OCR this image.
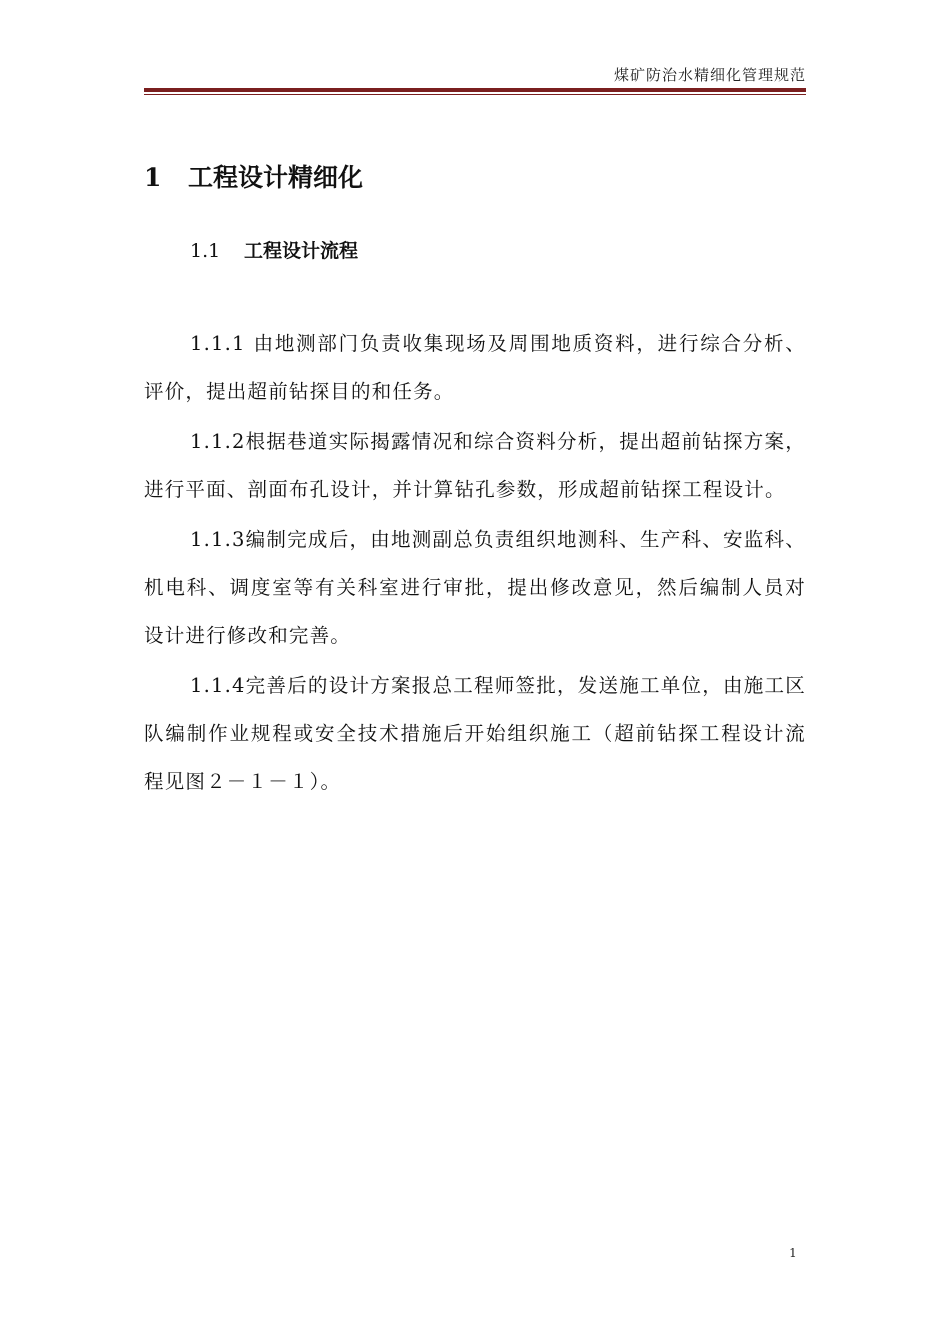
煤矿防治水精细化管理规范
1 工程设计精细化
1.1 工程设计流程

1.1.1 由地测部门负责收集现场及周围地质资料，进行综合分析、评价，提出超前钻探目的和任务。

1.1.2根据巷道实际揭露情况和综合资料分析，提出超前钻探方案，进行平面、剖面布孔设计，并计算钻孔参数，形成超前钻探工程设计。

1.1.3编制完成后，由地测副总负责组织地测科、生产科、安监科、机电科、调度室等有关科室进行审批，提出修改意见，然后编制人员对设计进行修改和完善。

1.1.4完善后的设计方案报总工程师签批，发送施工单位，由施工区队编制作业规程或安全技术措施后开始组织施工（超前钻探工程设计流程见图２－１－１）。

1
